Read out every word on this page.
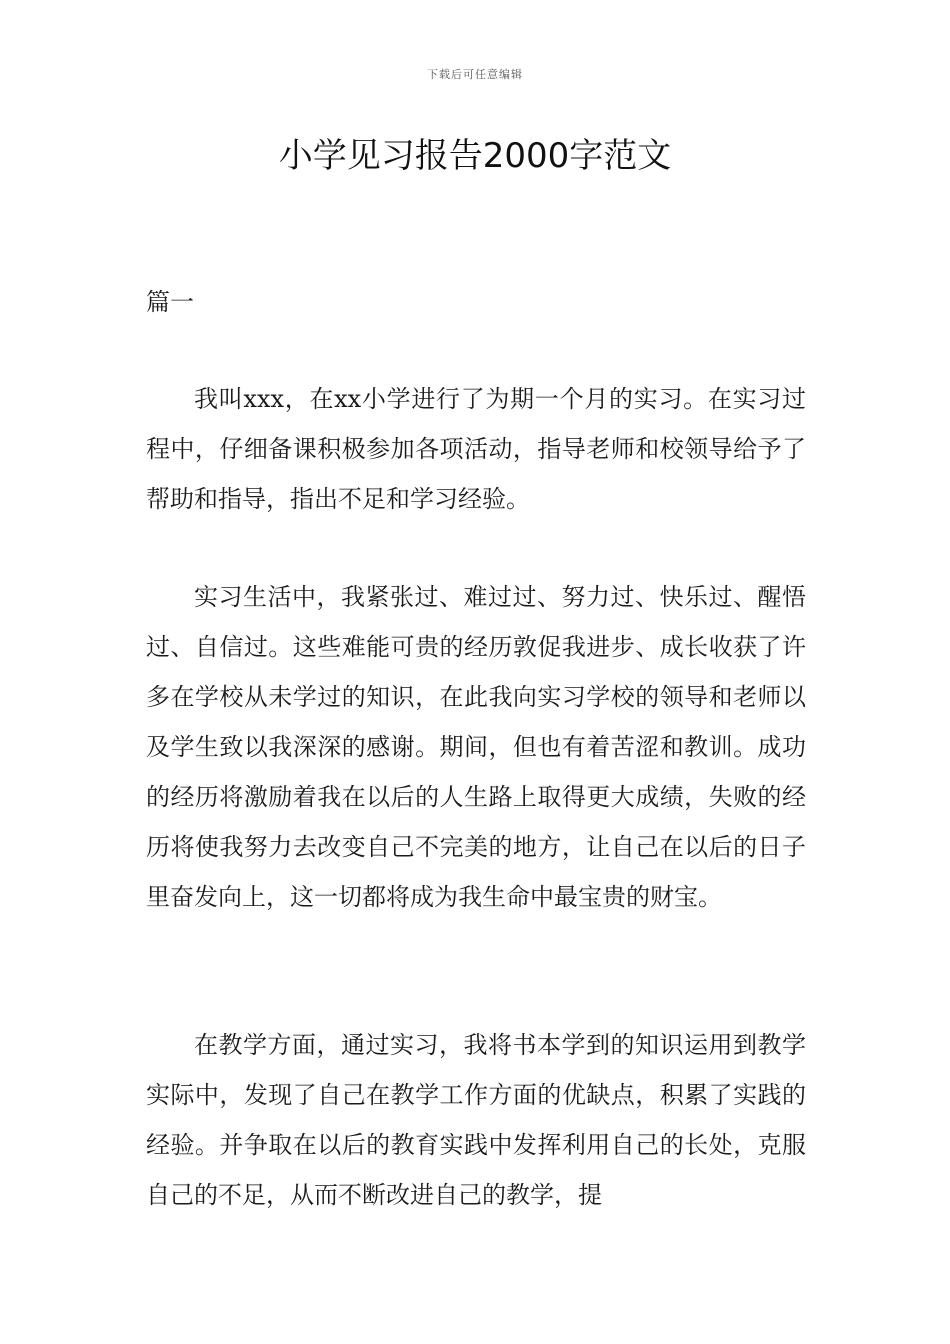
下载后可任意编辑
小学见习报告2000字范文
篇一

我叫xxx，在xx小学进行了为期一个月的实习。在实习过程中，仔细备课积极参加各项活动，指导老师和校领导给予了帮助和指导，指出不足和学习经验。

实习生活中，我紧张过、难过过、努力过、快乐过、醒悟过、自信过。这些难能可贵的经历敦促我进步、成长收获了许多在学校从未学过的知识，在此我向实习学校的领导和老师以及学生致以我深深的感谢。期间，但也有着苦涩和教训。成功的经历将激励着我在以后的人生路上取得更大成绩，失败的经历将使我努力去改变自己不完美的地方，让自己在以后的日子里奋发向上，这一切都将成为我生命中最宝贵的财宝。

在教学方面，通过实习，我将书本学到的知识运用到教学实际中，发现了自己在教学工作方面的优缺点，积累了实践的经验。并争取在以后的教育实践中发挥利用自己的长处，克服自己的不足，从而不断改进自己的教学，提
